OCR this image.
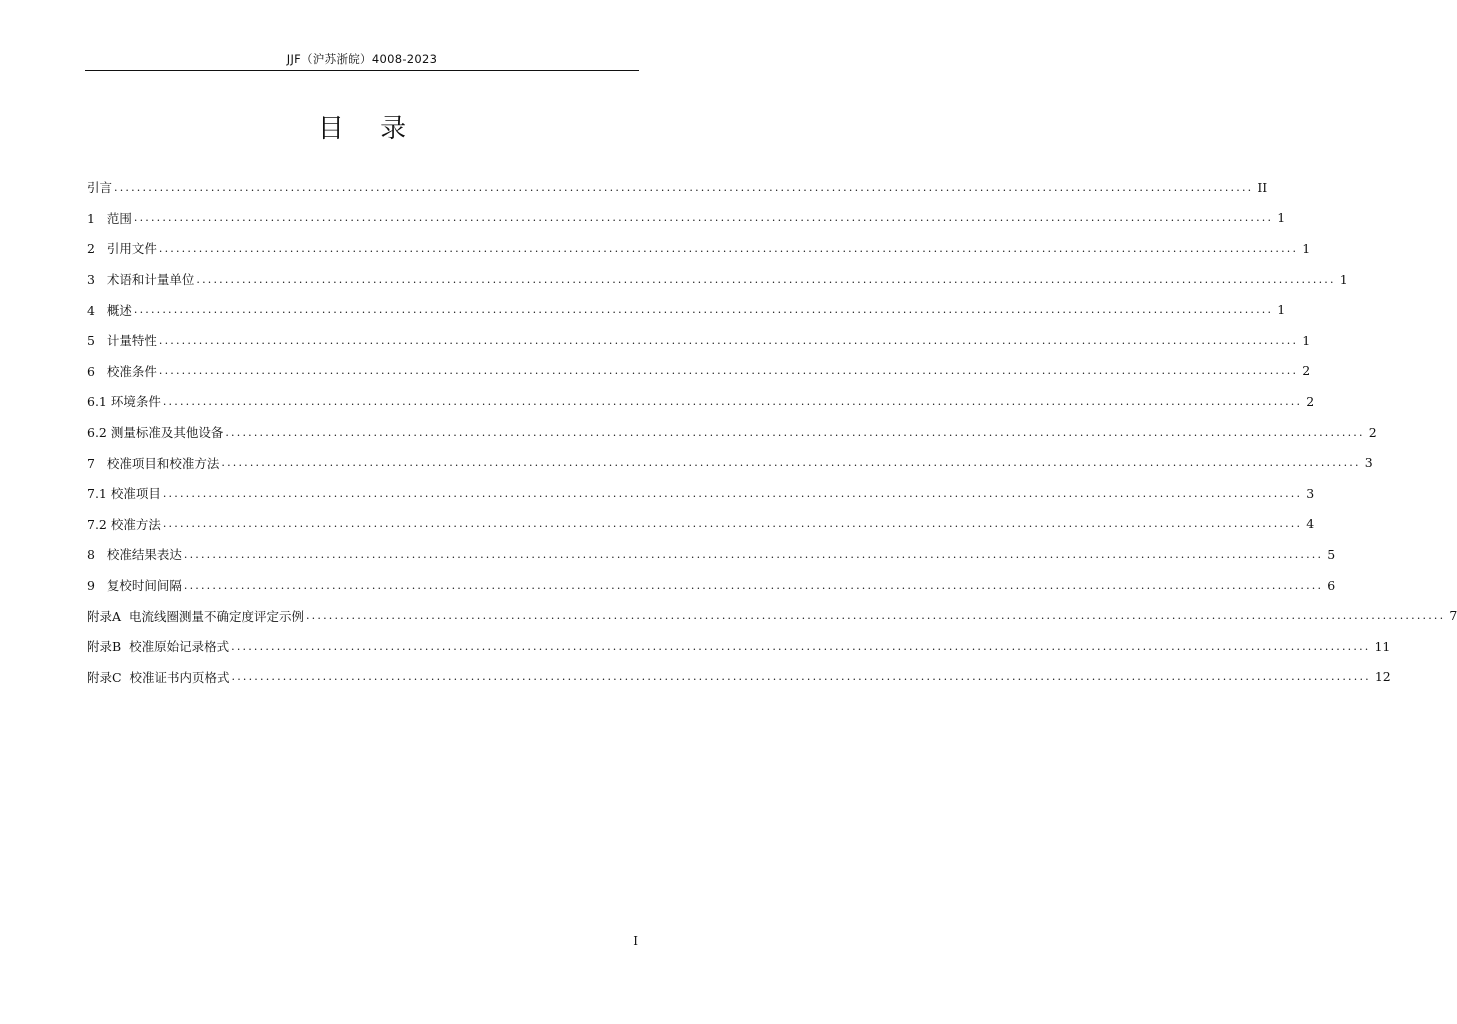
JJF（沪苏浙皖）4008-2023
目 录
引言 ........................................................................................................................................................................................................ II
1   范围 ........................................................................................................................................................................................................ 1
2   引用文件 ........................................................................................................................................................................................................ 1
3   术语和计量单位 ........................................................................................................................................................................................................ 1
4   概述 ........................................................................................................................................................................................................ 1
5   计量特性 ........................................................................................................................................................................................................ 1
6   校准条件 ........................................................................................................................................................................................................ 2
6.1 环境条件 ........................................................................................................................................................................................................ 2
6.2 测量标准及其他设备 ........................................................................................................................................................................................................ 2
7   校准项目和校准方法 ........................................................................................................................................................................................................ 3
7.1 校准项目 ........................................................................................................................................................................................................ 3
7.2 校准方法 ........................................................................................................................................................................................................ 4
8   校准结果表达 ........................................................................................................................................................................................................ 5
9   复校时间间隔 ........................................................................................................................................................................................................ 6
附录A  电流线圈测量不确定度评定示例 ........................................................................................................................................................................................................ 7
附录B  校准原始记录格式 ........................................................................................................................................................................................................ 11
附录C  校准证书内页格式 ........................................................................................................................................................................................................ 12
I
